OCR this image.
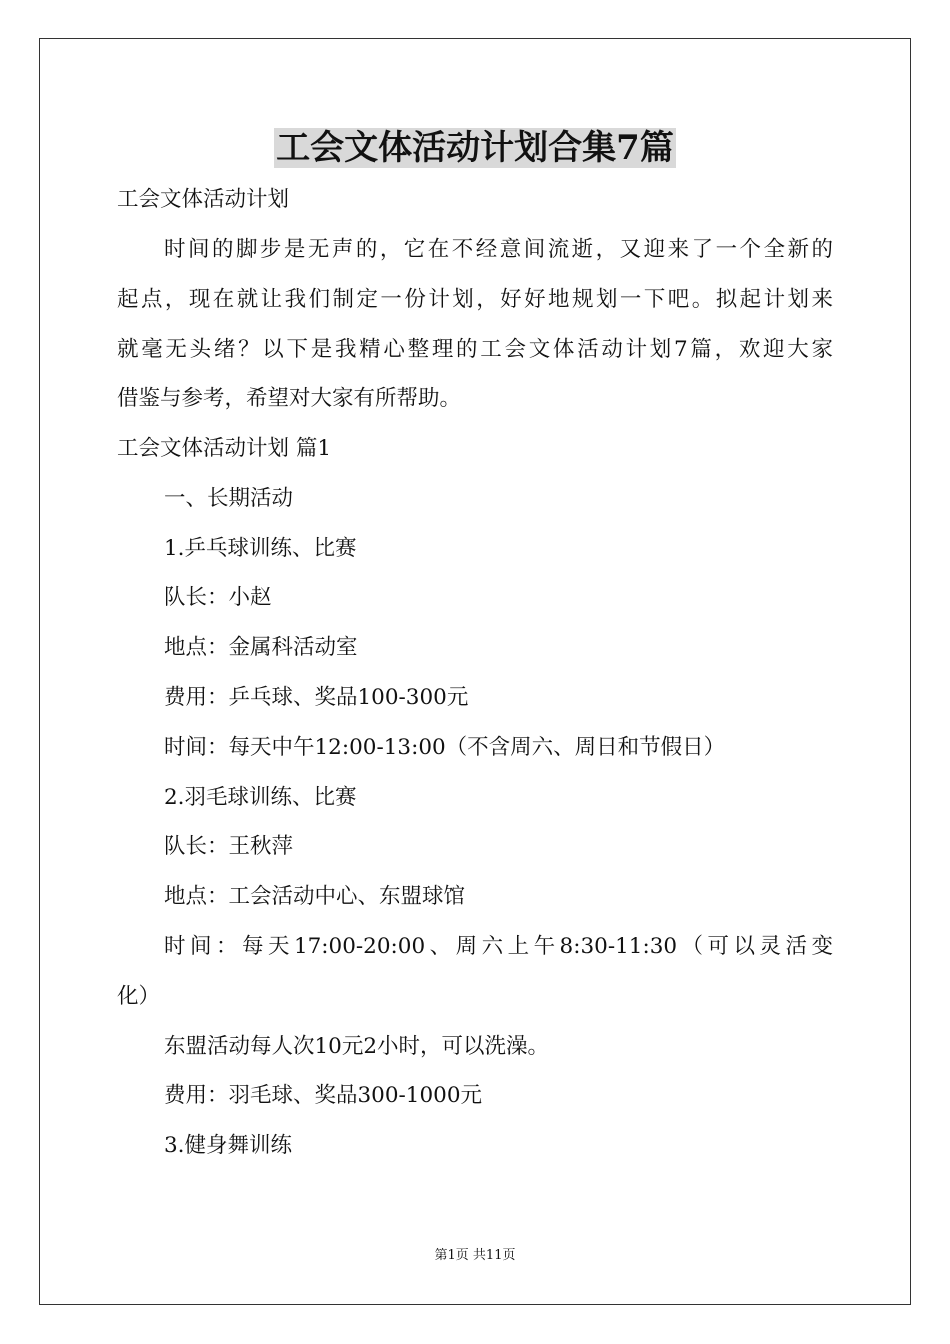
工会文体活动计划合集7篇
工会文体活动计划
时间的脚步是无声的，它在不经意间流逝，又迎来了一个全新的
起点，现在就让我们制定一份计划，好好地规划一下吧。拟起计划来
就毫无头绪？以下是我精心整理的工会文体活动计划7篇，欢迎大家
借鉴与参考，希望对大家有所帮助。
工会文体活动计划 篇1
一、长期活动
1.乒乓球训练、比赛
队长：小赵
地点：金属科活动室
费用：乒乓球、奖品100-300元
时间：每天中午12:00-13:00（不含周六、周日和节假日）
2.羽毛球训练、比赛
队长：王秋萍
地点：工会活动中心、东盟球馆
时间：每天17:00-20:00、周六上午8:30-11:30（可以灵活变
化）
东盟活动每人次10元2小时，可以洗澡。
费用：羽毛球、奖品300-1000元
3.健身舞训练
第1页 共11页
